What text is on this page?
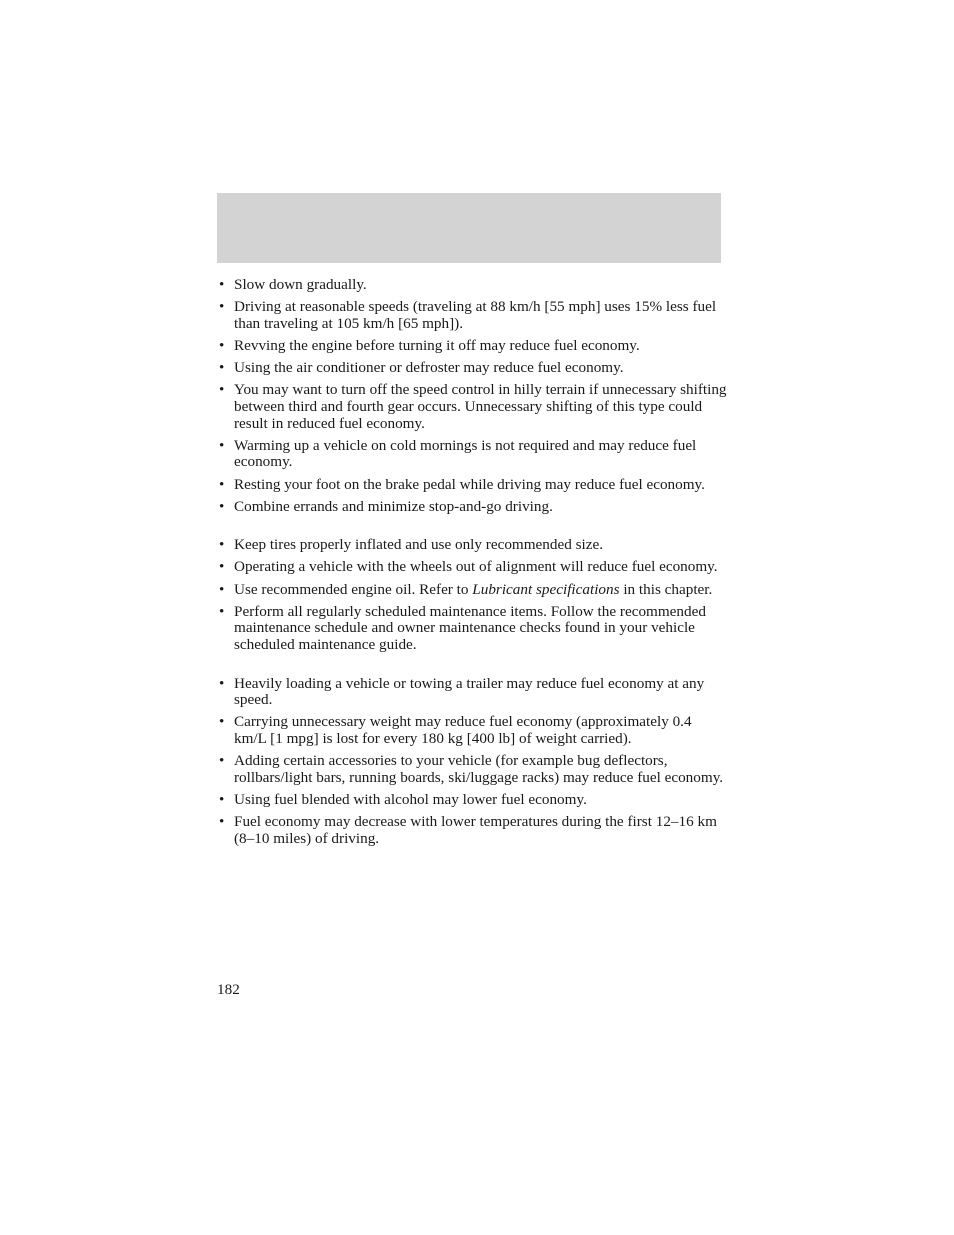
• Slow down gradually.
• Driving at reasonable speeds (traveling at 88 km/h [55 mph] uses 15% less fuel than traveling at 105 km/h [65 mph]).
• Revving the engine before turning it off may reduce fuel economy.
• Using the air conditioner or defroster may reduce fuel economy.
• You may want to turn off the speed control in hilly terrain if unnecessary shifting between third and fourth gear occurs. Unnecessary shifting of this type could result in reduced fuel economy.
• Warming up a vehicle on cold mornings is not required and may reduce fuel economy.
• Resting your foot on the brake pedal while driving may reduce fuel economy.
• Combine errands and minimize stop-and-go driving.
• Keep tires properly inflated and use only recommended size.
• Operating a vehicle with the wheels out of alignment will reduce fuel economy.
• Use recommended engine oil. Refer to Lubricant specifications in this chapter.
• Perform all regularly scheduled maintenance items. Follow the recommended maintenance schedule and owner maintenance checks found in your vehicle scheduled maintenance guide.
• Heavily loading a vehicle or towing a trailer may reduce fuel economy at any speed.
• Carrying unnecessary weight may reduce fuel economy (approximately 0.4 km/L [1 mpg] is lost for every 180 kg [400 lb] of weight carried).
• Adding certain accessories to your vehicle (for example bug deflectors, rollbars/light bars, running boards, ski/luggage racks) may reduce fuel economy.
• Using fuel blended with alcohol may lower fuel economy.
• Fuel economy may decrease with lower temperatures during the first 12–16 km (8–10 miles) of driving.
182
